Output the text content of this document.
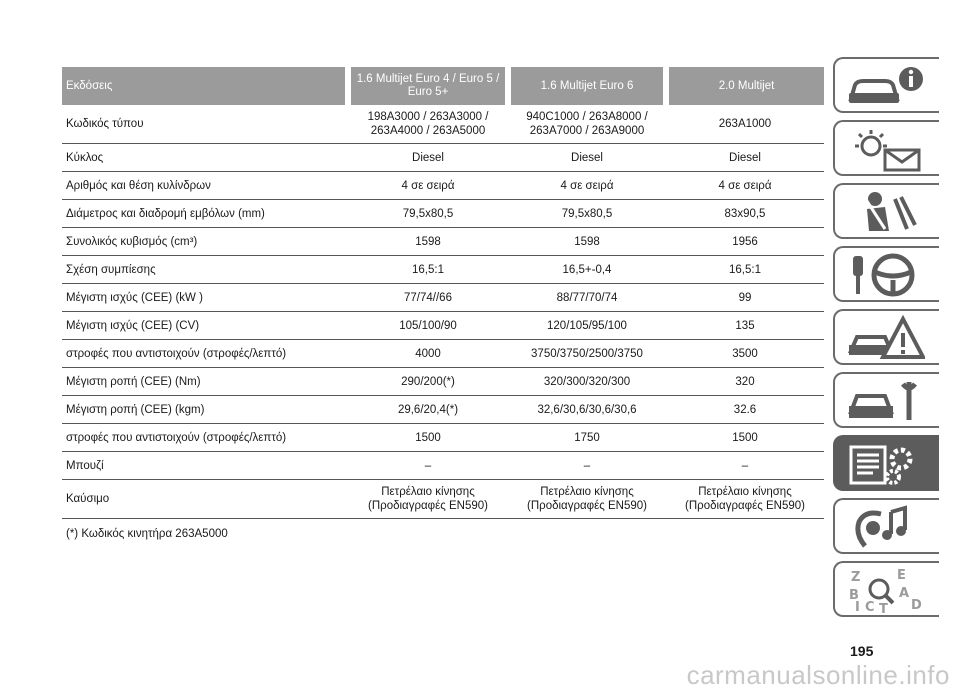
Εκδόσεις	1.6 Multijet Euro 4 / Euro 5 / Euro 5+	1.6 Multijet Euro 6	2.0 Multijet
Κωδικός τύπου	198A3000 / 263A3000 / 263A4000 / 263A5000	940C1000 / 263A8000 / 263A7000 / 263A9000	263A1000
Κύκλος	Diesel	Diesel	Diesel
Αριθμός και θέση κυλίνδρων	4 σε σειρά	4 σε σειρά	4 σε σειρά
Διάμετρος και διαδρομή εμβόλων (mm)	79,5x80,5	79,5x80,5	83x90,5
Συνολικός κυβισμός (cm³)	1598	1598	1956
Σχέση συμπίεσης	16,5:1	16,5+-0,4	16,5:1
Μέγιστη ισχύς (CEE) (kW )	77/74//66	88/77/70/74	99
Μέγιστη ισχύς (CEE) (CV)	105/100/90	120/105/95/100	135
στροφές που αντιστοιχούν (στροφές/λεπτό)	4000	3750/3750/2500/3750	3500
Μέγιστη ροπή (CEE) (Nm)	290/200(*)	320/300/320/300	320
Μέγιστη ροπή (CEE) (kgm)	29,6/20,4(*)	32,6/30,6/30,6/30,6	32.6
στροφές που αντιστοιχούν (στροφές/λεπτό)	1500	1750	1500
Μπουζί	–	–	–
Καύσιμο	Πετρέλαιο κίνησης (Προδιαγραφές EN590)	Πετρέλαιο κίνησης (Προδιαγραφές EN590)	Πετρέλαιο κίνησης (Προδιαγραφές EN590)
(*) Κωδικός κινητήρα 263A5000
Z	E
B	A
C
I T D
195
carmanualsonline.info
